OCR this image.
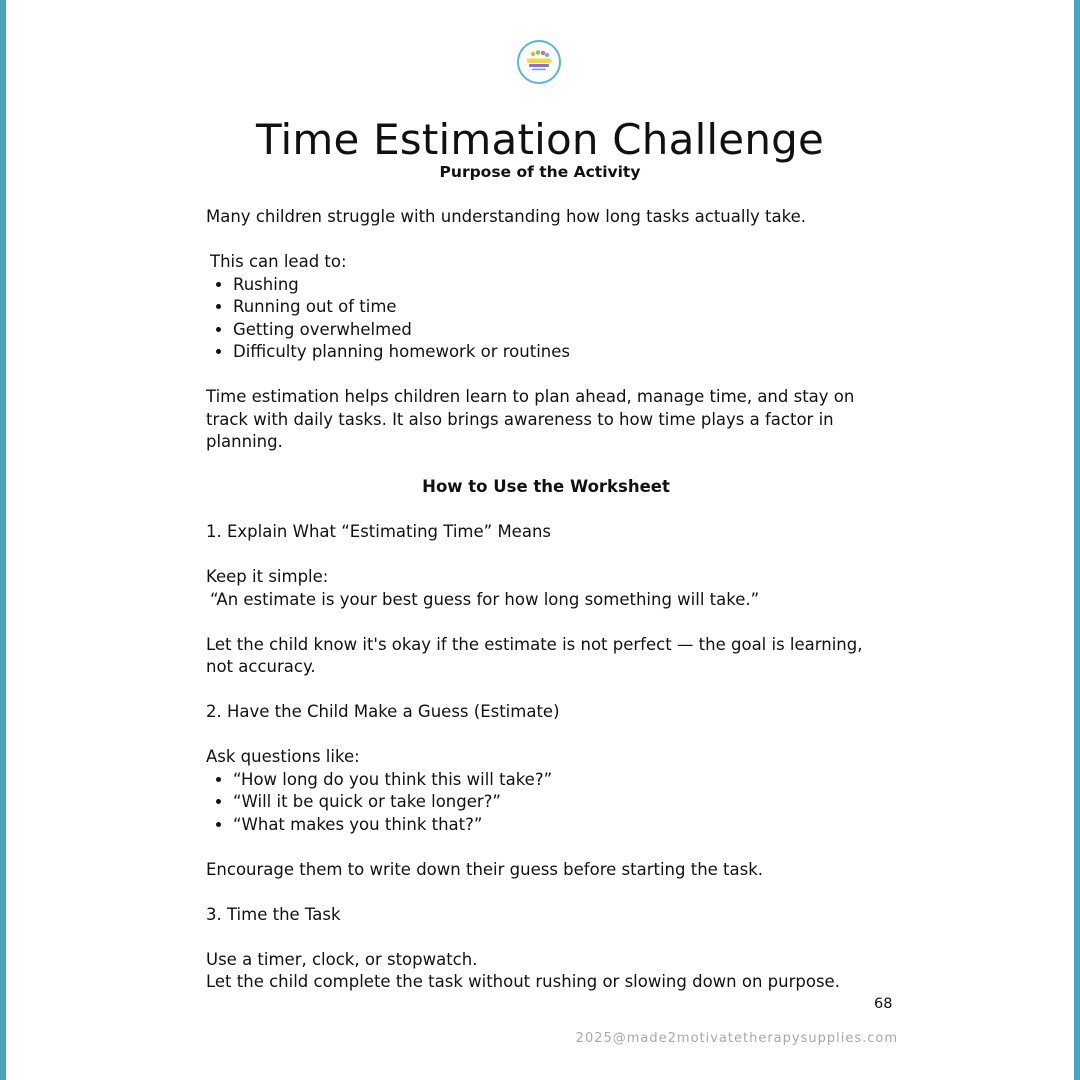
Time Estimation Challenge
Purpose of the Activity

Many children struggle with understanding how long tasks actually take.

This can lead to:

• Rushing
• Running out of time
• Getting overwhelmed
• Difficulty planning homework or routines

Time estimation helps children learn to plan ahead, manage time, and stay on track with daily tasks. It also brings awareness to how time plays a factor in planning.

How to Use the Worksheet

1. Explain What “Estimating Time” Means

Keep it simple:

“An estimate is your best guess for how long something will take.”

Let the child know it's okay if the estimate is not perfect — the goal is learning, not accuracy.

2. Have the Child Make a Guess (Estimate)

Ask questions like:

• “How long do you think this will take?”
• “Will it be quick or take longer?”
• “What makes you think that?”

Encourage them to write down their guess before starting the task.

3. Time the Task

Use a timer, clock, or stopwatch.

Let the child complete the task without rushing or slowing down on purpose.

68
2025@made2motivatetherapysupplies.com
